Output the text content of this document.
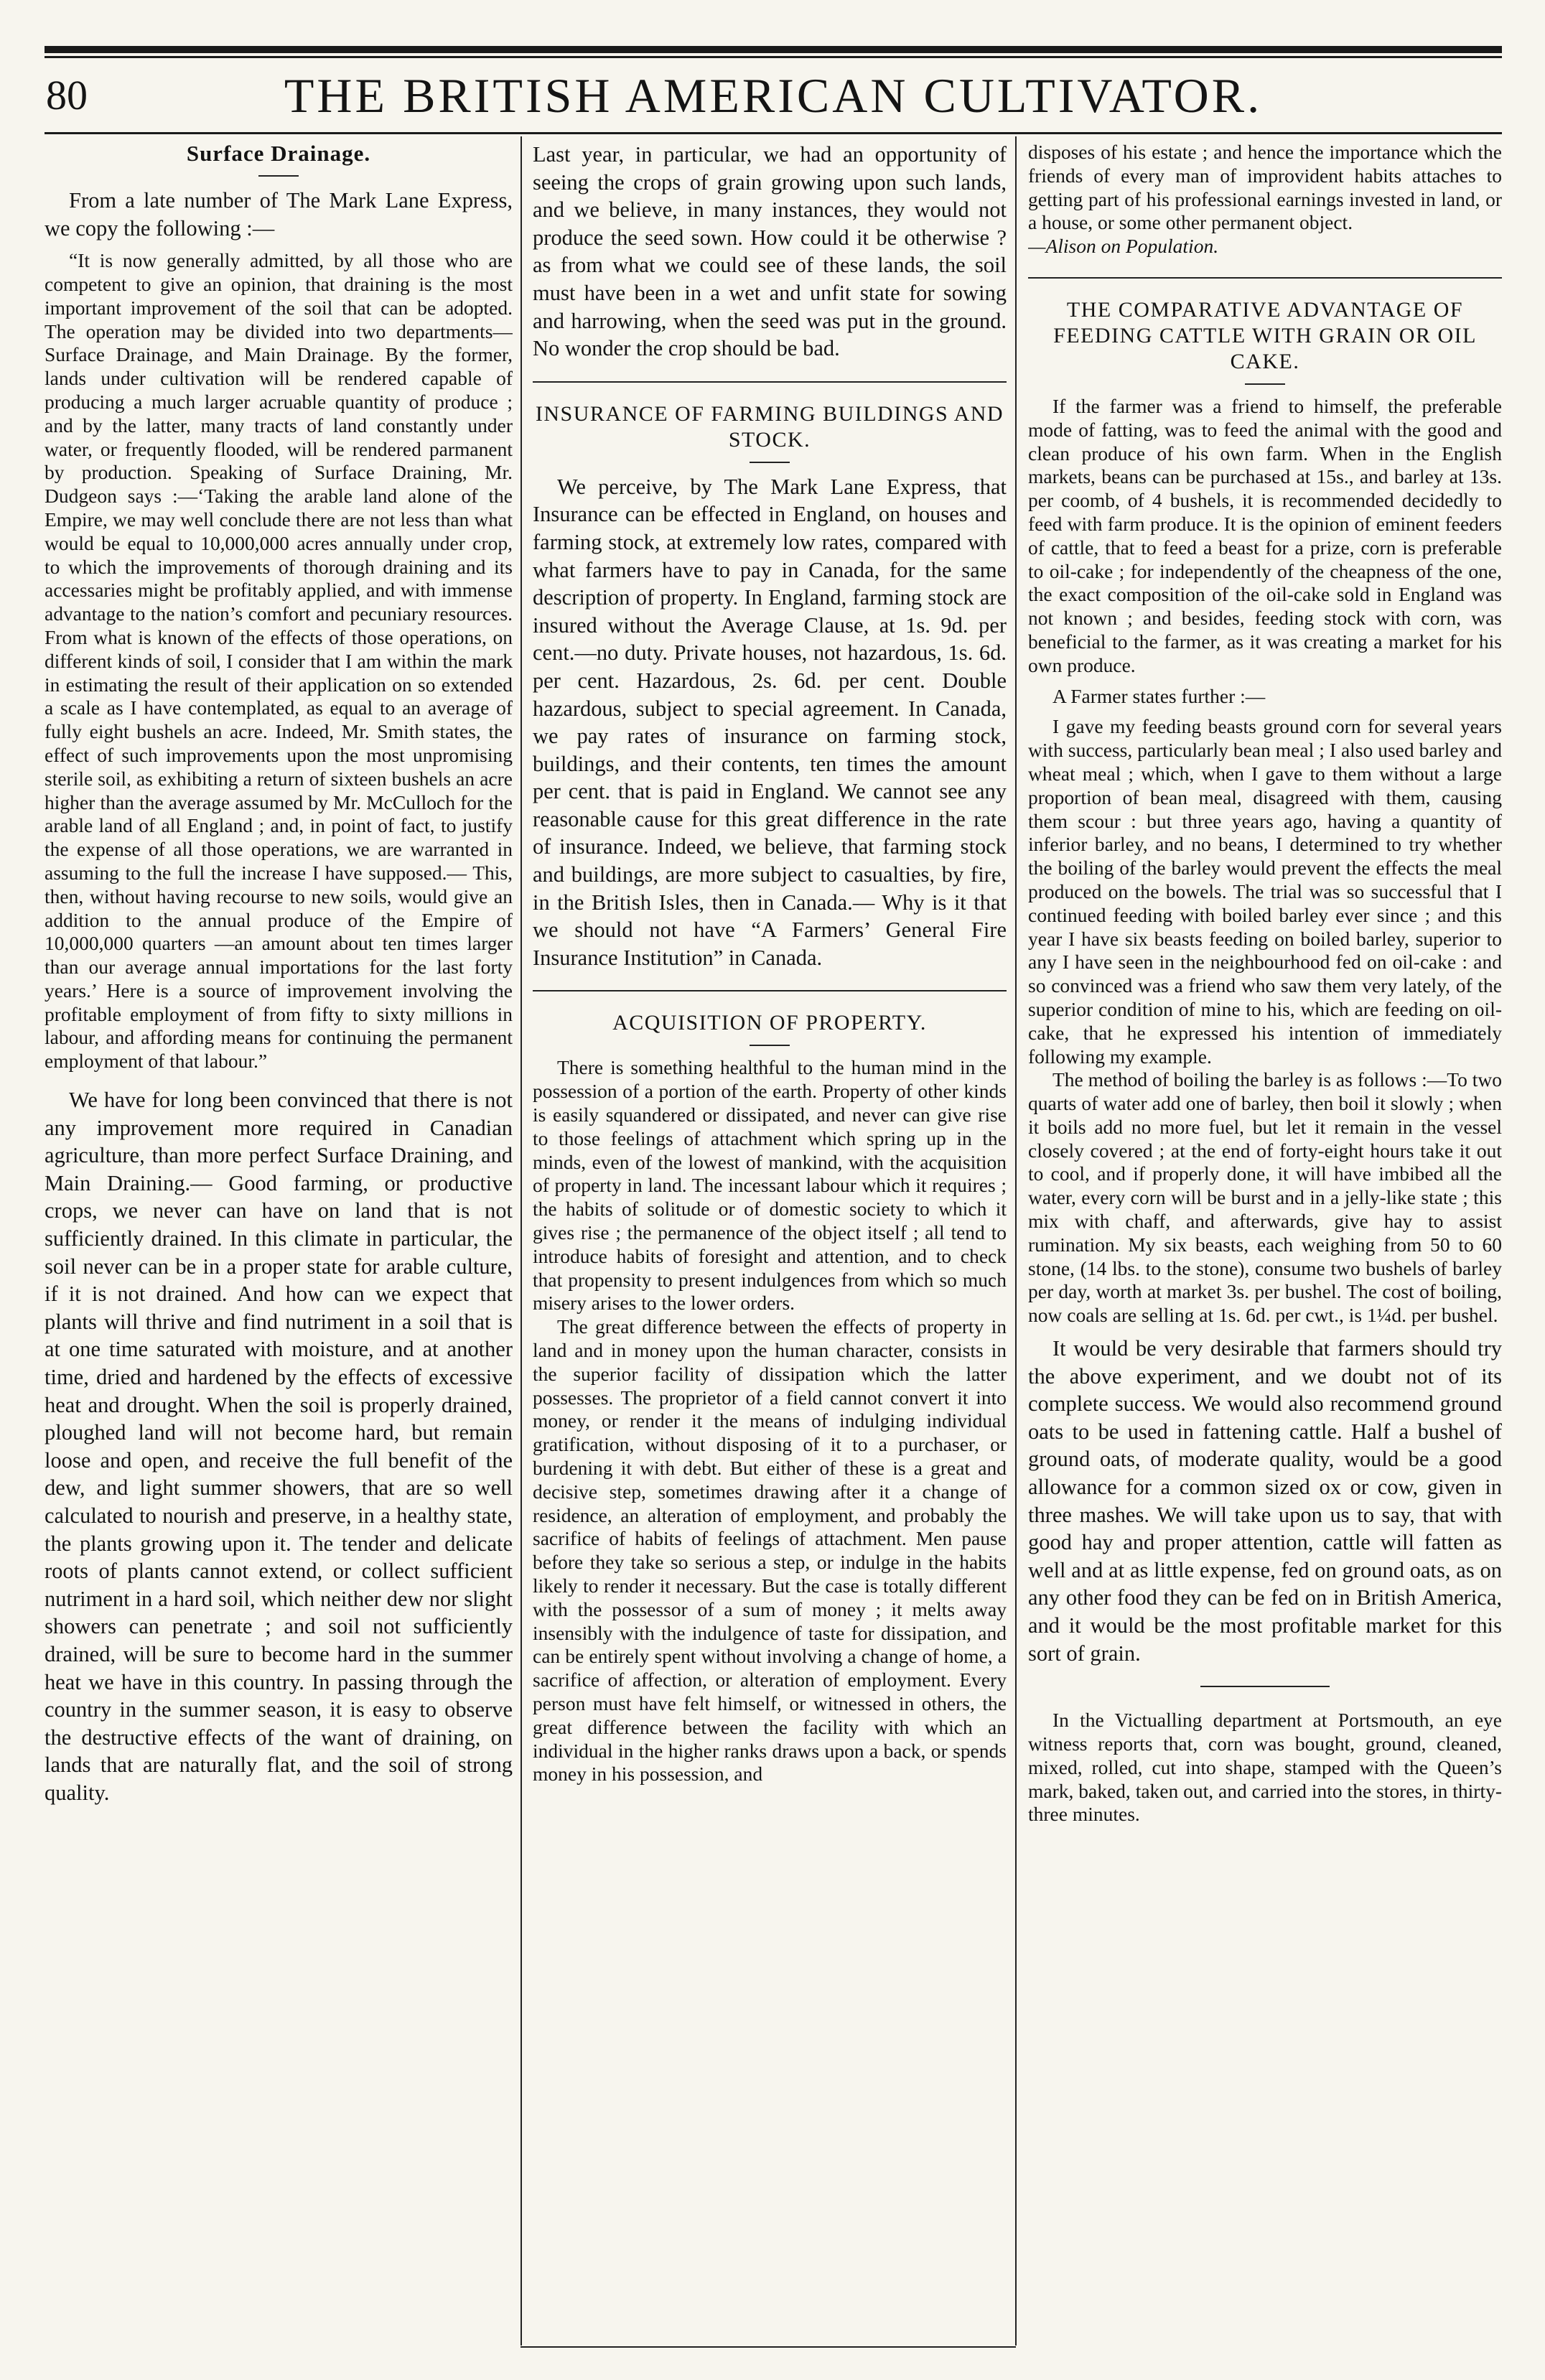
80	THE BRITISH AMERICAN CULTIVATOR.
Surface Drainage.

From a late number of The Mark Lane Express, we copy the following :—

“It is now generally admitted, by all those who are competent to give an opinion, that draining is the most important improvement of the soil that can be adopted. The operation may be divided into two departments—Surface Drainage, and Main Drainage. By the former, lands under cultivation will be rendered capable of producing a much larger acruable quantity of produce ; and by the latter, many tracts of land constantly under water, or frequently flooded, will be rendered parmanent by production. Speaking of Surface Draining, Mr. Dudgeon says :—‘Taking the arable land alone of the Empire, we may well conclude there are not less than what would be equal to 10,000,000 acres annually under crop, to which the improvements of thorough draining and its accessaries might be profitably applied, and with immense advantage to the nation’s comfort and pecuniary resources. From what is known of the effects of those operations, on different kinds of soil, I consider that I am within the mark in estimating the result of their application on so extended a scale as I have contemplated, as equal to an average of fully eight bushels an acre. Indeed, Mr. Smith states, the effect of such improvements upon the most unpromising sterile soil, as exhibiting a return of sixteen bushels an acre higher than the average assumed by Mr. McCulloch for the arable land of all England ; and, in point of fact, to justify the expense of all those operations, we are warranted in assuming to the full the increase I have supposed.— This, then, without having recourse to new soils, would give an addition to the annual produce of the Empire of 10,000,000 quarters —an amount about ten times larger than our average annual importations for the last forty years.’ Here is a source of improvement involving the profitable employment of from fifty to sixty millions in labour, and affording means for continuing the permanent employment of that labour.”

We have for long been convinced that there is not any improvement more required in Canadian agriculture, than more perfect Surface Draining, and Main Draining.— Good farming, or productive crops, we never can have on land that is not sufficiently drained. In this climate in particular, the soil never can be in a proper state for arable culture, if it is not drained. And how can we expect that plants will thrive and find nutriment in a soil that is at one time saturated with moisture, and at another time, dried and hardened by the effects of excessive heat and drought. When the soil is properly drained, ploughed land will not become hard, but remain loose and open, and receive the full benefit of the dew, and light summer showers, that are so well calculated to nourish and preserve, in a healthy state, the plants growing upon it. The tender and delicate roots of plants cannot extend, or collect sufficient nutriment in a hard soil, which neither dew nor slight showers can penetrate ; and soil not sufficiently drained, will be sure to become hard in the summer heat we have in this country. In passing through the country in the summer season, it is easy to observe the destructive effects of the want of draining, on lands that are naturally flat, and the soil of strong quality.

Last year, in particular, we had an opportunity of seeing the crops of grain growing upon such lands, and we believe, in many instances, they would not produce the seed sown. How could it be otherwise ? as from what we could see of these lands, the soil must have been in a wet and unfit state for sowing and harrowing, when the seed was put in the ground. No wonder the crop should be bad.

INSURANCE OF FARMING BUILDINGS AND STOCK.

We perceive, by The Mark Lane Express, that Insurance can be effected in England, on houses and farming stock, at extremely low rates, compared with what farmers have to pay in Canada, for the same description of property. In England, farming stock are insured without the Average Clause, at 1s. 9d. per cent.—no duty. Private houses, not hazardous, 1s. 6d. per cent. Hazardous, 2s. 6d. per cent. Double hazardous, subject to special agreement. In Canada, we pay rates of insurance on farming stock, buildings, and their contents, ten times the amount per cent. that is paid in England. We cannot see any reasonable cause for this great difference in the rate of insurance. Indeed, we believe, that farming stock and buildings, are more subject to casualties, by fire, in the British Isles, then in Canada.— Why is it that we should not have “A Farmers’ General Fire Insurance Institution” in Canada.

ACQUISITION OF PROPERTY.

There is something healthful to the human mind in the possession of a portion of the earth. Property of other kinds is easily squandered or dissipated, and never can give rise to those feelings of attachment which spring up in the minds, even of the lowest of mankind, with the acquisition of property in land. The incessant labour which it requires ; the habits of solitude or of domestic society to which it gives rise ; the permanence of the object itself ; all tend to introduce habits of foresight and attention, and to check that propensity to present indulgences from which so much misery arises to the lower orders.

The great difference between the effects of property in land and in money upon the human character, consists in the superior facility of dissipation which the latter possesses. The proprietor of a field cannot convert it into money, or render it the means of indulging individual gratification, without disposing of it to a purchaser, or burdening it with debt. But either of these is a great and decisive step, sometimes drawing after it a change of residence, an alteration of employment, and probably the sacrifice of habits of feelings of attachment. Men pause before they take so serious a step, or indulge in the habits likely to render it necessary. But the case is totally different with the possessor of a sum of money ; it melts away insensibly with the indulgence of taste for dissipation, and can be entirely spent without involving a change of home, a sacrifice of affection, or alteration of employment. Every person must have felt himself, or witnessed in others, the great difference between the facility with which an individual in the higher ranks draws upon a back, or spends money in his possession, and

disposes of his estate ; and hence the importance which the friends of every man of improvident habits attaches to getting part of his professional earnings invested in land, or a house, or some other permanent object.

—Alison on Population.

THE COMPARATIVE ADVANTAGE OF FEEDING CATTLE WITH GRAIN OR OIL CAKE.

If the farmer was a friend to himself, the preferable mode of fatting, was to feed the animal with the good and clean produce of his own farm. When in the English markets, beans can be purchased at 15s., and barley at 13s. per coomb, of 4 bushels, it is recommended decidedly to feed with farm produce. It is the opinion of eminent feeders of cattle, that to feed a beast for a prize, corn is preferable to oil-cake ; for independently of the cheapness of the one, the exact composition of the oil-cake sold in England was not known ; and besides, feeding stock with corn, was beneficial to the farmer, as it was creating a market for his own produce.

A Farmer states further :—

I gave my feeding beasts ground corn for several years with success, particularly bean meal ; I also used barley and wheat meal ; which, when I gave to them without a large proportion of bean meal, disagreed with them, causing them scour : but three years ago, having a quantity of inferior barley, and no beans, I determined to try whether the boiling of the barley would prevent the effects the meal produced on the bowels. The trial was so successful that I continued feeding with boiled barley ever since ; and this year I have six beasts feeding on boiled barley, superior to any I have seen in the neighbourhood fed on oil-cake : and so convinced was a friend who saw them very lately, of the superior condition of mine to his, which are feeding on oil-cake, that he expressed his intention of immediately following my example.

The method of boiling the barley is as follows :—To two quarts of water add one of barley, then boil it slowly ; when it boils add no more fuel, but let it remain in the vessel closely covered ; at the end of forty-eight hours take it out to cool, and if properly done, it will have imbibed all the water, every corn will be burst and in a jelly-like state ; this mix with chaff, and afterwards, give hay to assist rumination. My six beasts, each weighing from 50 to 60 stone, (14 lbs. to the stone), consume two bushels of barley per day, worth at market 3s. per bushel. The cost of boiling, now coals are selling at 1s. 6d. per cwt., is 1¼d. per bushel.

It would be very desirable that farmers should try the above experiment, and we doubt not of its complete success. We would also recommend ground oats to be used in fattening cattle. Half a bushel of ground oats, of moderate quality, would be a good allowance for a common sized ox or cow, given in three mashes. We will take upon us to say, that with good hay and proper attention, cattle will fatten as well and at as little expense, fed on ground oats, as on any other food they can be fed on in British America, and it would be the most profitable market for this sort of grain.

In the Victualling department at Portsmouth, an eye witness reports that, corn was bought, ground, cleaned, mixed, rolled, cut into shape, stamped with the Queen’s mark, baked, taken out, and carried into the stores, in thirty-three minutes.
